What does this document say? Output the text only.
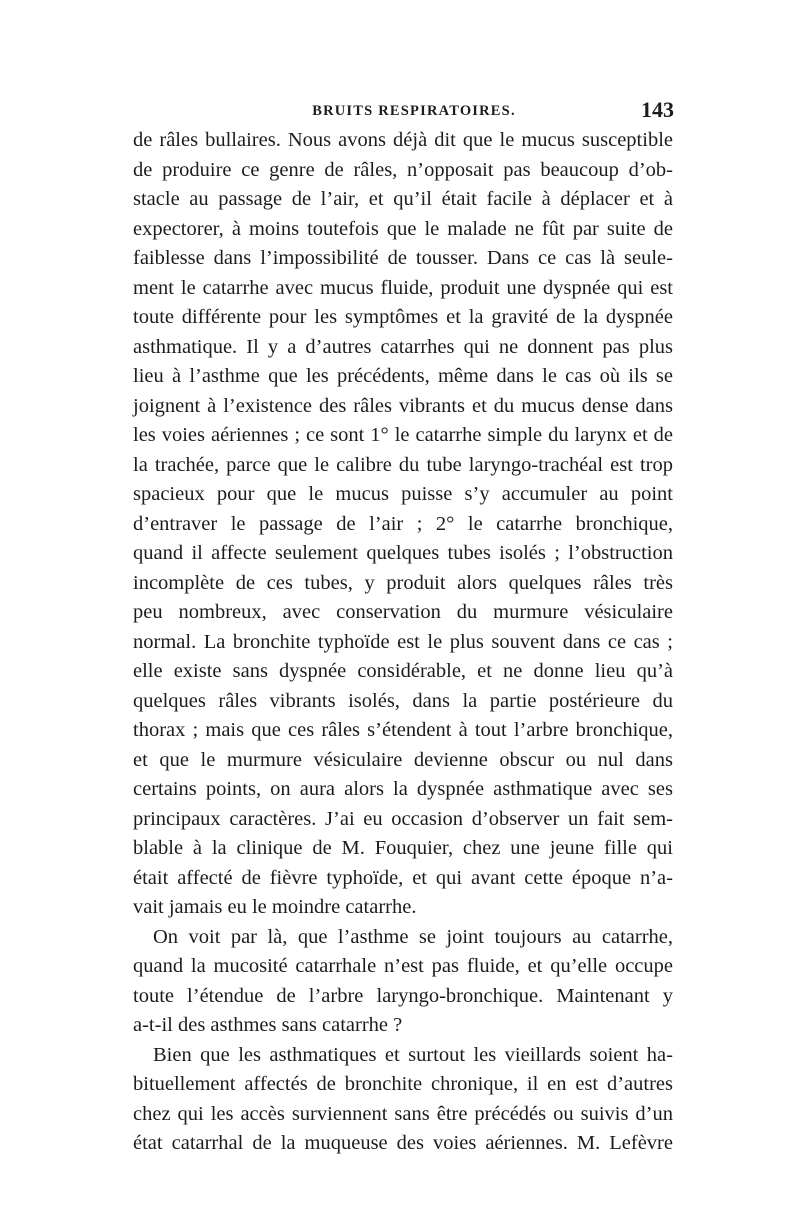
BRUITS RESPIRATOIRES.	143
de râles bullaires. Nous avons déjà dit que le mucus susceptible
de produire ce genre de râles, n’opposait pas beaucoup d’ob-
stacle au passage de l’air, et qu’il était facile à déplacer et à
expectorer, à moins toutefois que le malade ne fût par suite de
faiblesse dans l’impossibilité de tousser. Dans ce cas là seule-
ment le catarrhe avec mucus fluide, produit une dyspnée qui est
toute différente pour les symptômes et la gravité de la dyspnée
asthmatique. Il y a d’autres catarrhes qui ne donnent pas plus
lieu à l’asthme que les précédents, même dans le cas où ils se
joignent à l’existence des râles vibrants et du mucus dense dans
les voies aériennes ; ce sont 1° le catarrhe simple du larynx et de
la trachée, parce que le calibre du tube laryngo-trachéal est trop
spacieux pour que le mucus puisse s’y accumuler au point
d’entraver le passage de l’air ; 2° le catarrhe bronchique,
quand il affecte seulement quelques tubes isolés ; l’obstruction
incomplète de ces tubes, y produit alors quelques râles très
peu nombreux, avec conservation du murmure vésiculaire
normal. La bronchite typhoïde est le plus souvent dans ce cas ;
elle existe sans dyspnée considérable, et ne donne lieu qu’à
quelques râles vibrants isolés, dans la partie postérieure du
thorax ; mais que ces râles s’étendent à tout l’arbre bronchique,
et que le murmure vésiculaire devienne obscur ou nul dans
certains points, on aura alors la dyspnée asthmatique avec ses
principaux caractères. J’ai eu occasion d’observer un fait sem-
blable à la clinique de M. Fouquier, chez une jeune fille qui
était affecté de fièvre typhoïde, et qui avant cette époque n’a-
vait jamais eu le moindre catarrhe.
On voit par là, que l’asthme se joint toujours au catarrhe,
quand la mucosité catarrhale n’est pas fluide, et qu’elle occupe
toute l’étendue de l’arbre laryngo-bronchique. Maintenant y
a-t-il des asthmes sans catarrhe ?
Bien que les asthmatiques et surtout les vieillards soient ha-
bituellement affectés de bronchite chronique, il en est d’autres
chez qui les accès surviennent sans être précédés ou suivis d’un
état catarrhal de la muqueuse des voies aériennes. M. Lefèvre
